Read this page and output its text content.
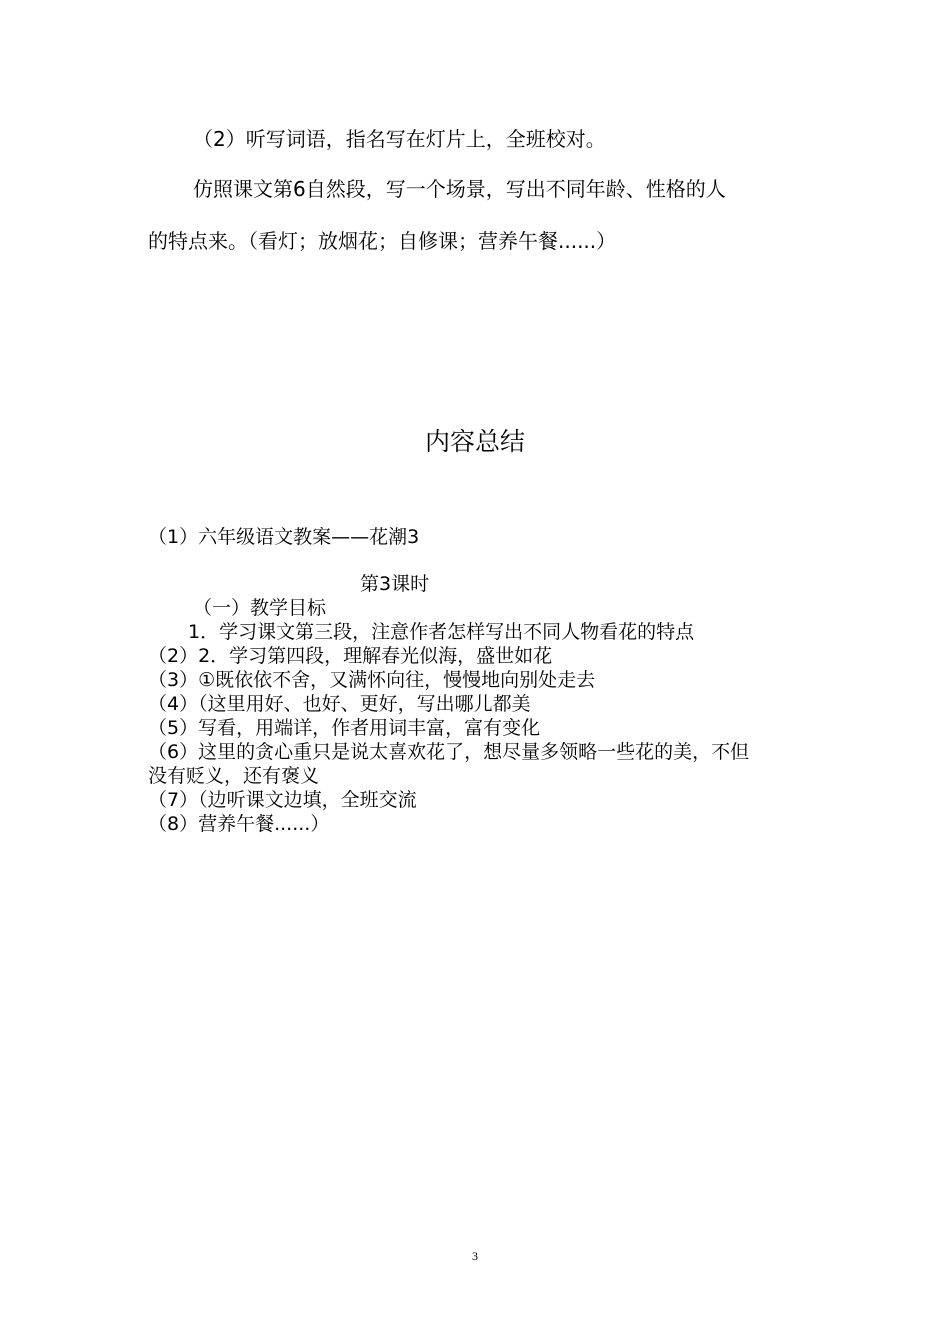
（2）听写词语，指名写在灯片上，全班校对。
仿照课文第6自然段，写一个场景，写出不同年龄、性格的人
的特点来。（看灯；放烟花；自修课；营养午餐......）
内容总结
（1）六年级语文教案——花潮3
第3课时
（一）教学目标
1．学习课文第三段，注意作者怎样写出不同人物看花的特点
（2）2．学习第四段，理解春光似海，盛世如花
（3）①既依依不舍，又满怀向往，慢慢地向别处走去
（4）（这里用好、也好、更好，写出哪儿都美
（5）写看，用端详，作者用词丰富，富有变化
（6）这里的贪心重只是说太喜欢花了，想尽量多领略一些花的美，不但
没有贬义，还有褒义
（7）（边听课文边填，全班交流
（8）营养午餐......）
3
